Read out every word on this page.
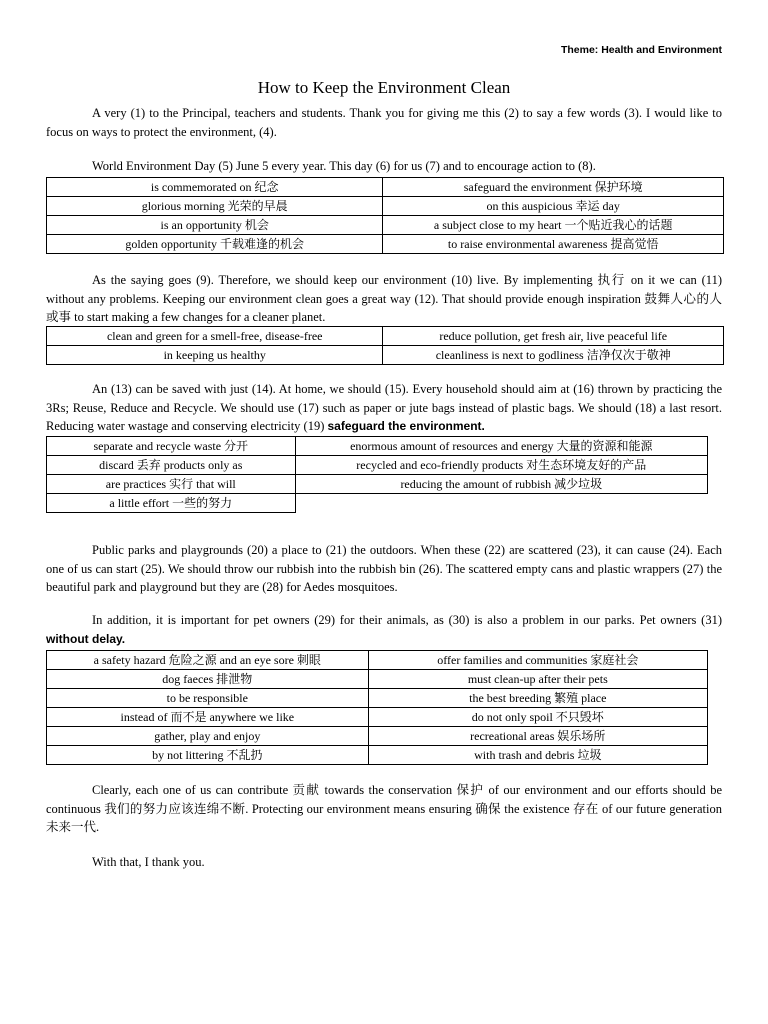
Theme: Health and Environment
How to Keep the Environment Clean

A very (1) to the Principal, teachers and students. Thank you for giving me this (2) to say a few words (3). I would like to focus on ways to protect the environment, (4).

World Environment Day (5) June 5 every year. This day (6) for us (7) and to encourage action to (8).

is commemorated on 纪念	safeguard the environment 保护环境
glorious morning 光荣的早晨	on this auspicious 幸运 day
is an opportunity 机会	a subject close to my heart 一个贴近我心的话题
golden opportunity 千载难逢的机会	to raise environmental awareness 提高觉悟

As the saying goes (9). Therefore, we should keep our environment (10) live. By implementing 执行 on it we can (11) without any problems. Keeping our environment clean goes a great way (12). That should provide enough inspiration 鼓舞人心的人或事 to start making a few changes for a cleaner planet.

clean and green for a smell-free, disease-free	reduce pollution, get fresh air, live peaceful life
in keeping us healthy	cleanliness is next to godliness 洁净仅次于敬神

An (13) can be saved with just (14). At home, we should (15). Every household should aim at (16) thrown by practicing the 3Rs; Reuse, Reduce and Recycle. We should use (17) such as paper or jute bags instead of plastic bags. We should (18) a last resort. Reducing water wastage and conserving electricity (19) safeguard the environment.

separate and recycle waste 分开	enormous amount of resources and energy 大量的资源和能源
discard 丢弃 products only as	recycled and eco-friendly products 对生态环境友好的产品
are practices 实行 that will	reducing the amount of rubbish 减少垃圾
a little effort 一些的努力	

Public parks and playgrounds (20) a place to (21) the outdoors. When these (22) are scattered (23), it can cause (24). Each one of us can start (25). We should throw our rubbish into the rubbish bin (26). The scattered empty cans and plastic wrappers (27) the beautiful park and playground but they are (28) for Aedes mosquitoes.

In addition, it is important for pet owners (29) for their animals, as (30) is also a problem in our parks. Pet owners (31) without delay.

a safety hazard 危险之源 and an eye sore 刺眼	offer families and communities 家庭社会
dog faeces 排泄物	must clean-up after their pets
to be responsible	the best breeding 繁殖 place
instead of 而不是 anywhere we like	do not only spoil 不只毁坏
gather, play and enjoy	recreational areas 娱乐场所
by not littering 不乱扔	with trash and debris 垃圾

Clearly, each one of us can contribute 贡献 towards the conservation 保护 of our environment and our efforts should be continuous 我们的努力应该连绵不断. Protecting our environment means ensuring 确保 the existence 存在 of our future generation 未来一代.

With that, I thank you.
